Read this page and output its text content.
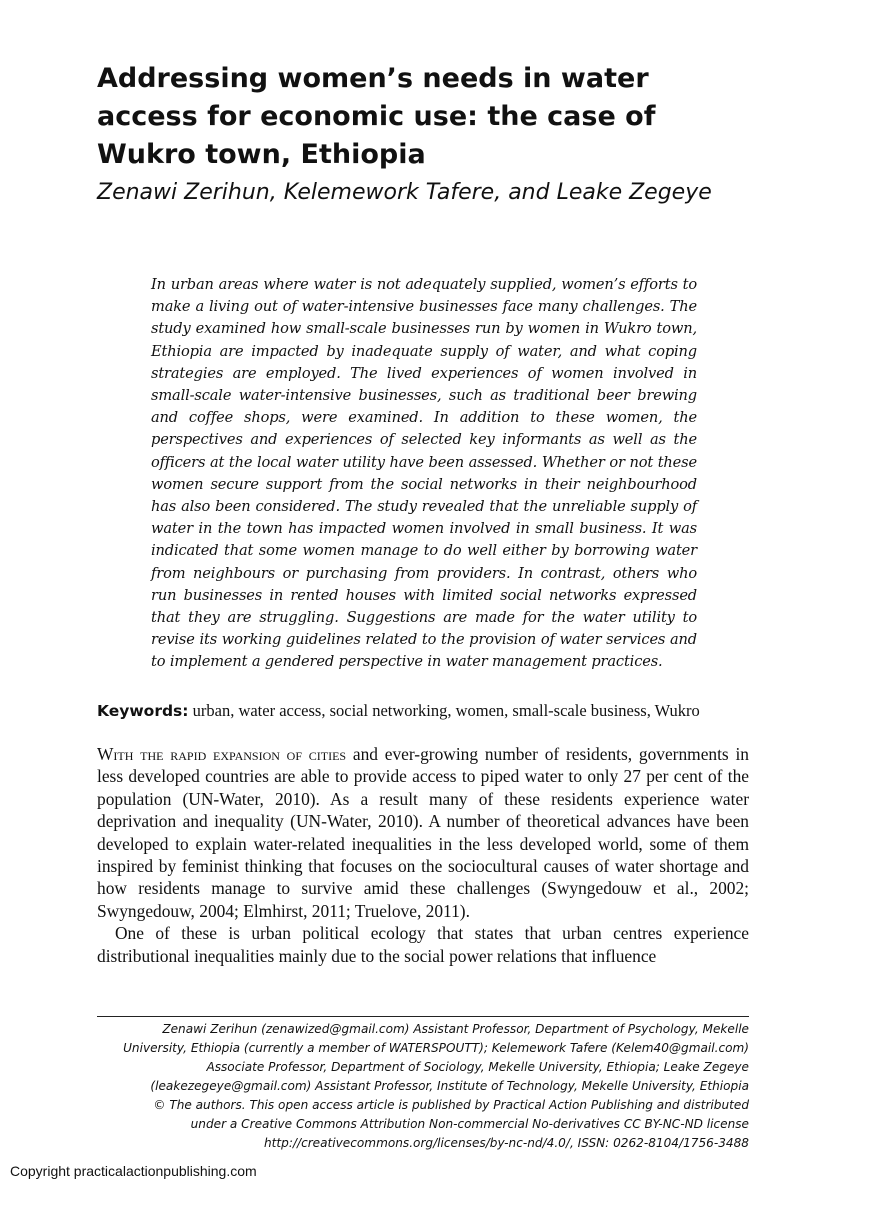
Addressing women’s needs in water access for economic use: the case of Wukro town, Ethiopia

Zenawi Zerihun, Kelemework Tafere, and Leake Zegeye

In urban areas where water is not adequately supplied, women’s efforts to make a living out of water-intensive businesses face many challenges. The study examined how small-scale businesses run by women in Wukro town, Ethiopia are impacted by inadequate supply of water, and what coping strategies are employed. The lived experiences of women involved in small-scale water-intensive businesses, such as traditional beer brewing and coffee shops, were examined. In addition to these women, the perspectives and experiences of selected key informants as well as the officers at the local water utility have been assessed. Whether or not these women secure support from the social networks in their neighbourhood has also been considered. The study revealed that the unreliable supply of water in the town has impacted women involved in small business. It was indicated that some women manage to do well either by borrowing water from neighbours or purchasing from providers. In contrast, others who run businesses in rented houses with limited social networks expressed that they are struggling. Suggestions are made for the water utility to revise its working guidelines related to the provision of water services and to implement a gendered perspective in water management practices.

Keywords: urban, water access, social networking, women, small-scale business, Wukro

With the rapid expansion of cities and ever-growing number of residents, governments in less developed countries are able to provide access to piped water to only 27 per cent of the population (UN-Water, 2010). As a result many of these residents experience water deprivation and inequality (UN-Water, 2010). A number of theoretical advances have been developed to explain water-related inequalities in the less developed world, some of them inspired by feminist thinking that focuses on the sociocultural causes of water shortage and how residents manage to survive amid these challenges (Swyngedouw et al., 2002; Swyngedouw, 2004; Elmhirst, 2011; Truelove, 2011).

One of these is urban political ecology that states that urban centres experience distributional inequalities mainly due to the social power relations that influence

Zenawi Zerihun (zenawized@gmail.com) Assistant Professor, Department of Psychology, Mekelle
University, Ethiopia (currently a member of WATERSPOUTT); Kelemework Tafere (Kelem40@gmail.com)
Associate Professor, Department of Sociology, Mekelle University, Ethiopia; Leake Zegeye
(leakezegeye@gmail.com) Assistant Professor, Institute of Technology, Mekelle University, Ethiopia
© The authors. This open access article is published by Practical Action Publishing and distributed
under a Creative Commons Attribution Non-commercial No-derivatives CC BY-NC-ND license
http://creativecommons.org/licenses/by-nc-nd/4.0/, ISSN: 0262-8104/1756-3488

Copyright practicalactionpublishing.com
